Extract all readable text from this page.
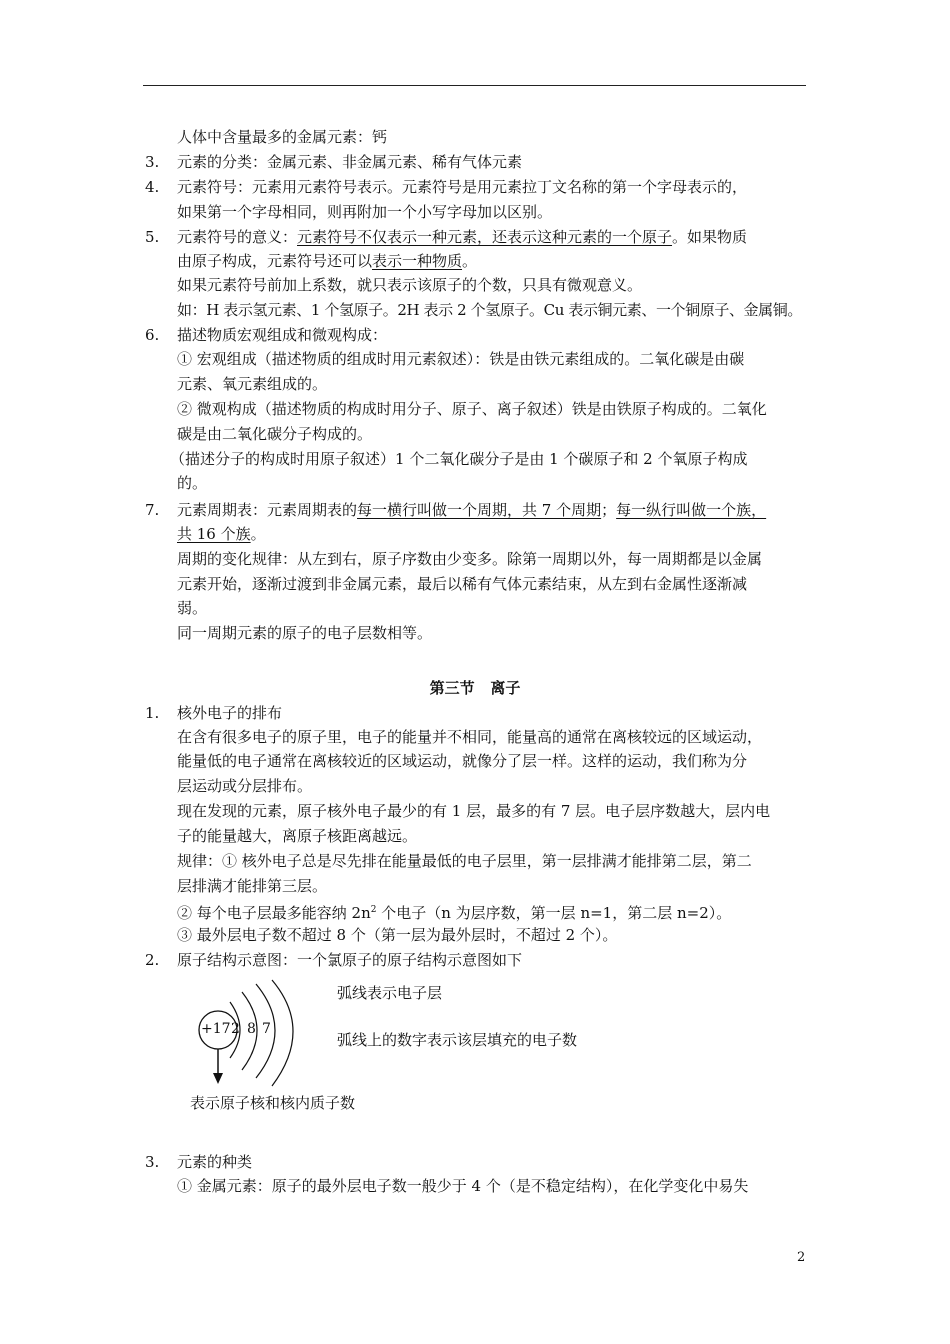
人体中含量最多的金属元素：钙
3. 元素的分类：金属元素、非金属元素、稀有气体元素
4. 元素符号：元素用元素符号表示。元素符号是用元素拉丁文名称的第一个字母表示的，
如果第一个字母相同，则再附加一个小写字母加以区别。
5. 元素符号的意义：元素符号不仅表示一种元素，还表示这种元素的一个原子。如果物质
由原子构成，元素符号还可以表示一种物质。
如果元素符号前加上系数，就只表示该原子的个数，只具有微观意义。
如：H 表示氢元素、1 个氢原子。2H 表示 2 个氢原子。Cu 表示铜元素、一个铜原子、金属铜。
6. 描述物质宏观组成和微观构成：
① 宏观组成（描述物质的组成时用元素叙述）：铁是由铁元素组成的。二氧化碳是由碳
元素、氧元素组成的。
② 微观构成（描述物质的构成时用分子、原子、离子叙述）铁是由铁原子构成的。二氧化
碳是由二氧化碳分子构成的。
（描述分子的构成时用原子叙述）1 个二氧化碳分子是由 1 个碳原子和 2 个氧原子构成
的。
7. 元素周期表：元素周期表的每一横行叫做一个周期，共 7 个周期；每一纵行叫做一个族，
共 16 个族。
周期的变化规律：从左到右，原子序数由少变多。除第一周期以外，每一周期都是以金属
元素开始，逐渐过渡到非金属元素，最后以稀有气体元素结束，从左到右金属性逐渐减
弱。
同一周期元素的原子的电子层数相等。
第三节   离子
1. 核外电子的排布
在含有很多电子的原子里，电子的能量并不相同，能量高的通常在离核较远的区域运动，
能量低的电子通常在离核较近的区域运动，就像分了层一样。这样的运动，我们称为分
层运动或分层排布。
现在发现的元素，原子核外电子最少的有 1 层，最多的有 7 层。电子层序数越大，层内电
子的能量越大，离原子核距离越远。
规律：① 核外电子总是尽先排在能量最低的电子层里，第一层排满才能排第二层，第二
层排满才能排第三层。
② 每个电子层最多能容纳 $2n^2$ 个电子（n 为层序数，第一层 n=1，第二层 n=2）。
③ 最外层电子数不超过 8 个（第一层为最外层时，不超过 2 个）。
2. 原子结构示意图：一个氯原子的原子结构示意图如下
+17 2 8 7
弧线表示电子层
弧线上的数字表示该层填充的电子数
表示原子核和核内质子数
3. 元素的种类
① 金属元素：原子的最外层电子数一般少于 4 个（是不稳定结构），在化学变化中易失
2
